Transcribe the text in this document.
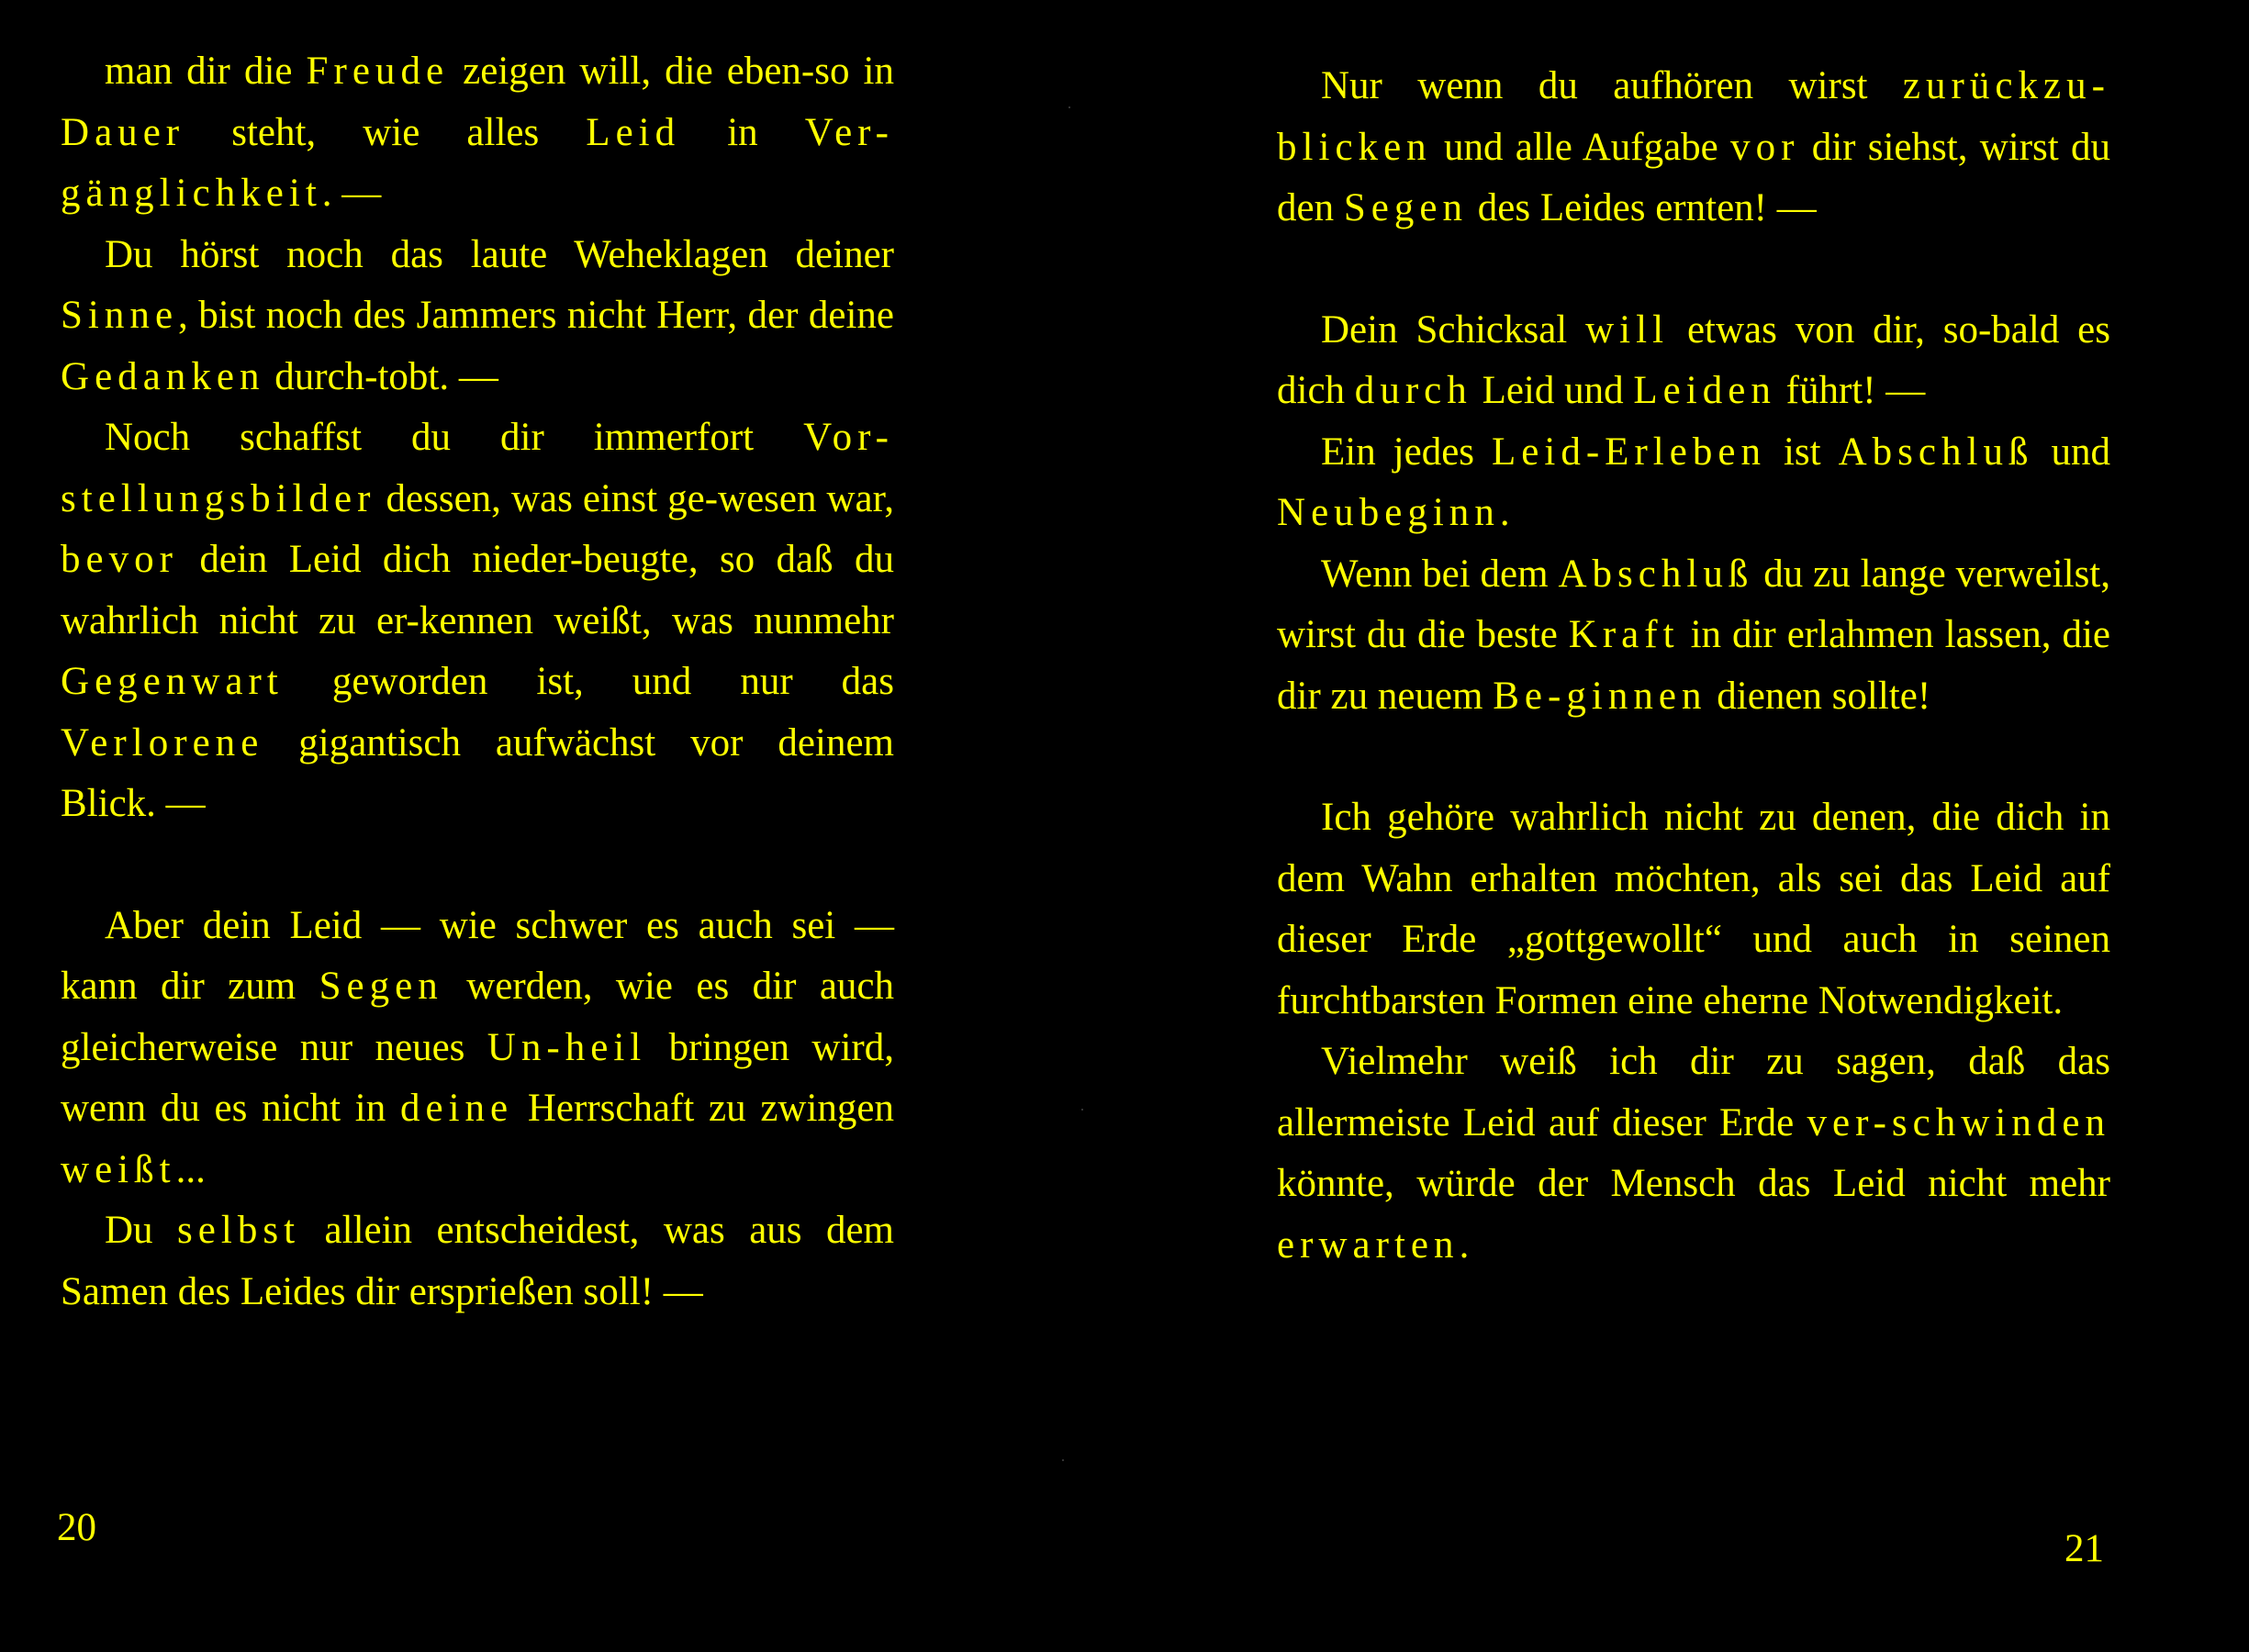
man dir die Freude zeigen will, die eben-so in Dauer steht, wie alles Leid in Ver-gänglichkeit. —

Du hörst noch das laute Weheklagen deiner Sinne, bist noch des Jammers nicht Herr, der deine Gedanken durch-tobt. —

Noch schaffst du dir immerfort Vor-stellungsbilder dessen, was einst ge-wesen war, bevor dein Leid dich nieder-beugte, so daß du wahrlich nicht zu er-kennen weißt, was nunmehr Gegenwart geworden ist, und nur das Verlorene gigantisch aufwächst vor deinem Blick. —

Aber dein Leid — wie schwer es auch sei — kann dir zum Segen werden, wie es dir auch gleicherweise nur neues Un-heil bringen wird, wenn du es nicht in deine Herrschaft zu zwingen weißt...

Du selbst allein entscheidest, was aus dem Samen des Leides dir ersprießen soll! —

20

Nur wenn du aufhören wirst zurückzu-blicken und alle Aufgabe vor dir siehst, wirst du den Segen des Leides ernten! —

Dein Schicksal will etwas von dir, so-bald es dich durch Leid und Leiden führt! —

Ein jedes Leid-Erleben ist Abschluß und Neubeginn.

Wenn bei dem Abschluß du zu lange verweilst, wirst du die beste Kraft in dir erlahmen lassen, die dir zu neuem Be-ginnen dienen sollte!

Ich gehöre wahrlich nicht zu denen, die dich in dem Wahn erhalten möchten, als sei das Leid auf dieser Erde „gottgewollt“ und auch in seinen furchtbarsten Formen eine eherne Notwendigkeit.

Vielmehr weiß ich dir zu sagen, daß das allermeiste Leid auf dieser Erde ver-schwinden könnte, würde der Mensch das Leid nicht mehr erwarten.

21
